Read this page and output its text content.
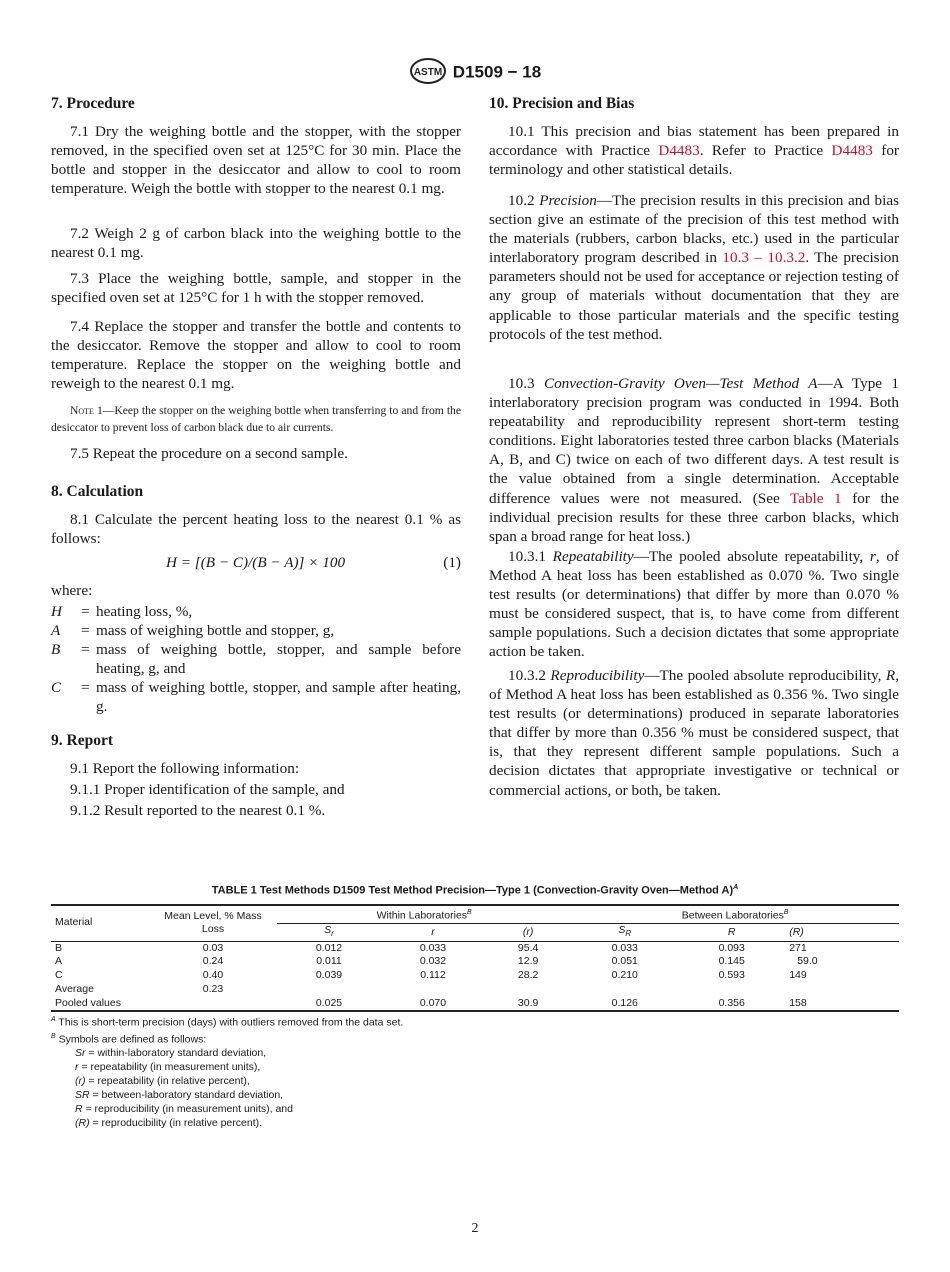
ASTM D1509 − 18
7. Procedure
7.1 Dry the weighing bottle and the stopper, with the stopper removed, in the specified oven set at 125°C for 30 min. Place the bottle and stopper in the desiccator and allow to cool to room temperature. Weigh the bottle with stopper to the nearest 0.1 mg.
7.2 Weigh 2 g of carbon black into the weighing bottle to the nearest 0.1 mg.
7.3 Place the weighing bottle, sample, and stopper in the specified oven set at 125°C for 1 h with the stopper removed.
7.4 Replace the stopper and transfer the bottle and contents to the desiccator. Remove the stopper and allow to cool to room temperature. Replace the stopper on the weighing bottle and reweigh to the nearest 0.1 mg.
Note 1—Keep the stopper on the weighing bottle when transferring to and from the desiccator to prevent loss of carbon black due to air currents.
7.5 Repeat the procedure on a second sample.
8. Calculation
8.1 Calculate the percent heating loss to the nearest 0.1 % as follows:
H = [(B − C)/(B − A)] × 100	(1)
where:
H	= heating loss, %,
A	= mass of weighing bottle and stopper, g,
B	= mass of weighing bottle, stopper, and sample before heating, g, and
C	= mass of weighing bottle, stopper, and sample after heating, g.
9. Report
9.1 Report the following information:
9.1.1 Proper identification of the sample, and
9.1.2 Result reported to the nearest 0.1 %.
10. Precision and Bias
10.1 This precision and bias statement has been prepared in accordance with Practice D4483. Refer to Practice D4483 for terminology and other statistical details.
10.2 Precision—The precision results in this precision and bias section give an estimate of the precision of this test method with the materials (rubbers, carbon blacks, etc.) used in the particular interlaboratory program described in 10.3 – 10.3.2. The precision parameters should not be used for acceptance or rejection testing of any group of materials without documentation that they are applicable to those particular materials and the specific testing protocols of the test method.
10.3 Convection-Gravity Oven—Test Method A—A Type 1 interlaboratory precision program was conducted in 1994. Both repeatability and reproducibility represent short-term testing conditions. Eight laboratories tested three carbon blacks (Materials A, B, and C) twice on each of two different days. A test result is the value obtained from a single determination. Acceptable difference values were not measured. (See Table 1 for the individual precision results for these three carbon blacks, which span a broad range for heat loss.)
10.3.1 Repeatability—The pooled absolute repeatability, r, of Method A heat loss has been established as 0.070 %. Two single test results (or determinations) that differ by more than 0.070 % must be considered suspect, that is, to have come from different sample populations. Such a decision dictates that some appropriate action be taken.
10.3.2 Reproducibility—The pooled absolute reproducibility, R, of Method A heat loss has been established as 0.356 %. Two single test results (or determinations) produced in separate laboratories that differ by more than 0.356 % must be considered suspect, that is, that they represent different sample populations. Such a decision dictates that appropriate investigative or technical or commercial actions, or both, be taken.
TABLE 1 Test Methods D1509 Test Method Precision—Type 1 (Convection-Gravity Oven—Method A)$^A$
Material	Mean Level, % Mass Loss	Within Laboratories$^B$			Between Laboratories$^B$
		$S_r$	r	(r)	$S_R$	R	(R)
B	0.03	0.012	0.033	95.4	0.033	0.093	271
A	0.24	0.011	0.032	12.9	0.051	0.145	59.0
C	0.40	0.039	0.112	28.2	0.210	0.593	149
Average	0.23						
Pooled values		0.025	0.070	30.9	0.126	0.356	158
$^A$ This is short-term precision (days) with outliers removed from the data set.
$^B$ Symbols are defined as follows:
Sr = within-laboratory standard deviation,
r = repeatability (in measurement units),
(r) = repeatability (in relative percent),
SR = between-laboratory standard deviation,
R = reproducibility (in measurement units), and
(R) = reproducibility (in relative percent).
2
